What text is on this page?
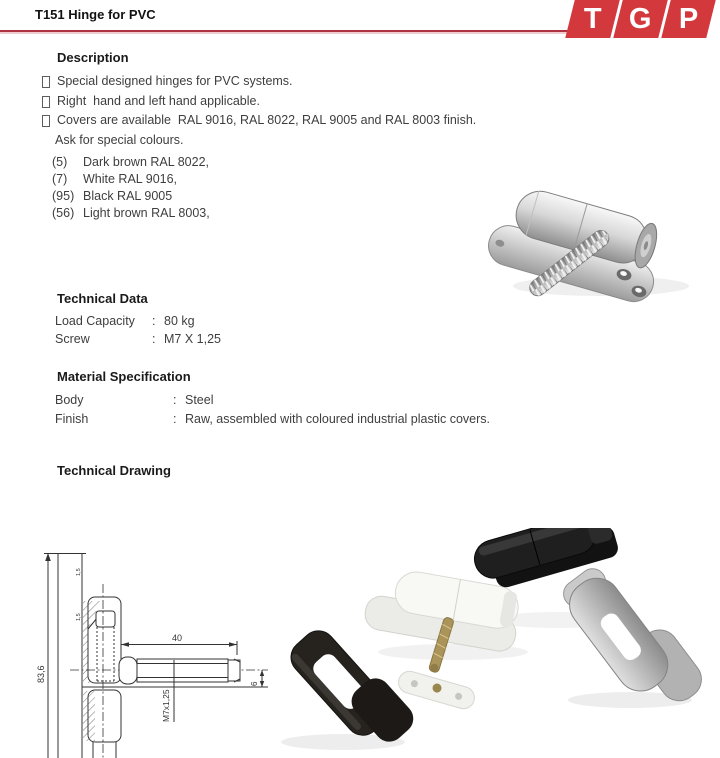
T151 Hinge for PVC	T G P
Description
Special designed hinges for PVC systems.
Right  hand and left hand applicable.
Covers are available  RAL 9016, RAL 8022, RAL 9005 and RAL 8003 finish.
Ask for special colours.
(5)	Dark brown RAL 8022,
(7)	White RAL 9016,
(95) Black RAL 9005
(56) Light brown RAL 8003,
Technical Data
Load Capacity	: 80 kg
Screw	: M7 X 1,25
Material Specification
Body	: Steel
Finish	: Raw, assembled with coloured industrial plastic covers.
Technical Drawing
83,6
40
M7x1,25
6
1,5
1,5
